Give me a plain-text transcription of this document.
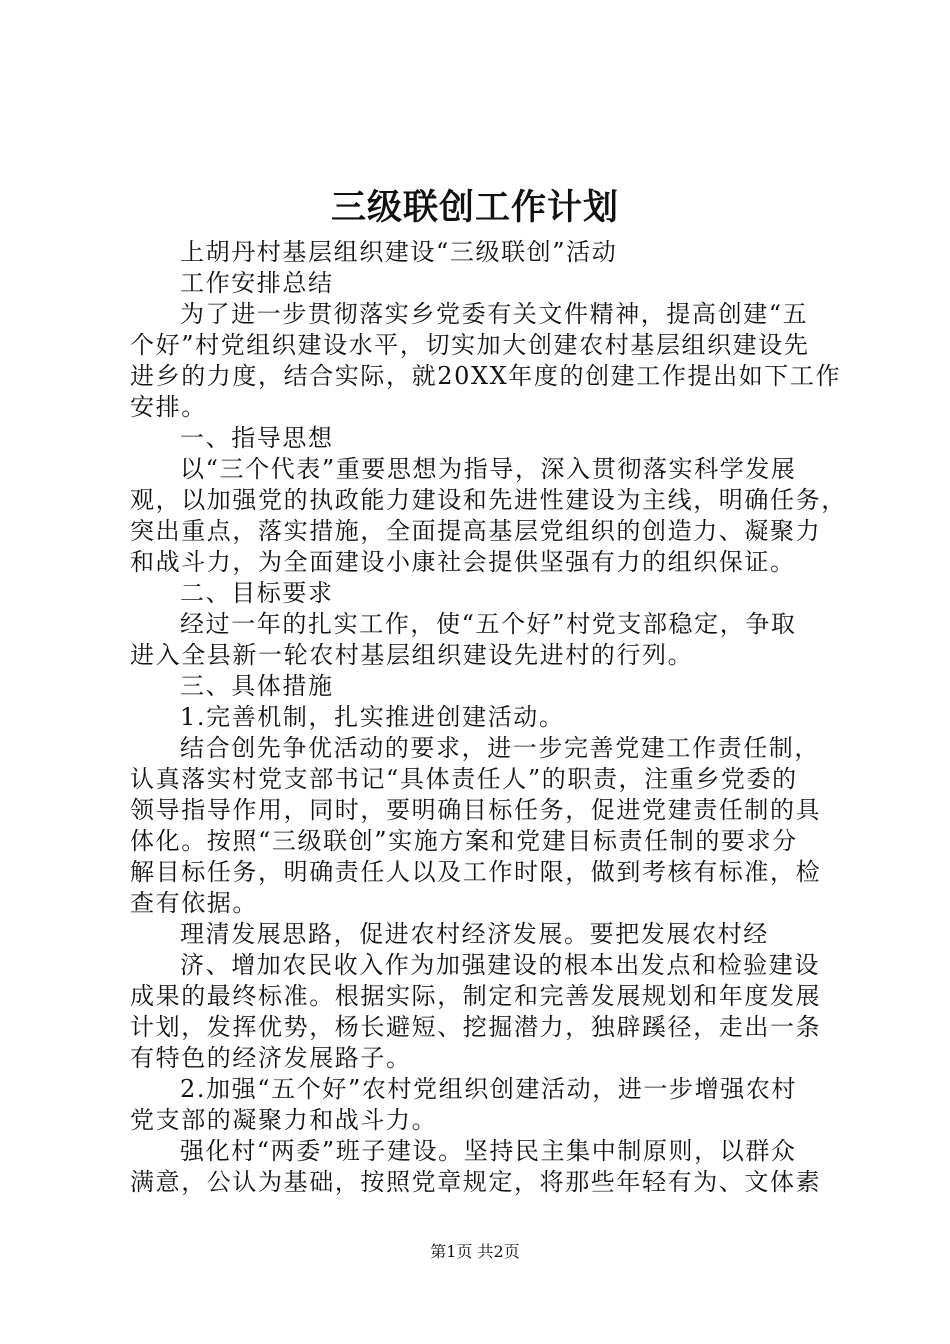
三级联创工作计划
上胡丹村基层组织建设“三级联创”活动
工作安排总结
为了进一步贯彻落实乡党委有关文件精神，提高创建“五
个好”村党组织建设水平，切实加大创建农村基层组织建设先
进乡的力度，结合实际，就20XX年度的创建工作提出如下工作
安排。
一、指导思想
以“三个代表”重要思想为指导，深入贯彻落实科学发展
观，以加强党的执政能力建设和先进性建设为主线，明确任务，
突出重点，落实措施，全面提高基层党组织的创造力、凝聚力
和战斗力，为全面建设小康社会提供坚强有力的组织保证。
二、目标要求
经过一年的扎实工作，使“五个好”村党支部稳定，争取
进入全县新一轮农村基层组织建设先进村的行列。
三、具体措施
1.完善机制，扎实推进创建活动。
结合创先争优活动的要求，进一步完善党建工作责任制，
认真落实村党支部书记“具体责任人”的职责，注重乡党委的
领导指导作用，同时，要明确目标任务，促进党建责任制的具
体化。按照“三级联创”实施方案和党建目标责任制的要求分
解目标任务，明确责任人以及工作时限，做到考核有标准，检
查有依据。
理清发展思路，促进农村经济发展。要把发展农村经
济、增加农民收入作为加强建设的根本出发点和检验建设
成果的最终标准。根据实际，制定和完善发展规划和年度发展
计划，发挥优势，杨长避短、挖掘潜力，独辟蹊径，走出一条
有特色的经济发展路子。
2.加强“五个好”农村党组织创建活动，进一步增强农村
党支部的凝聚力和战斗力。
强化村“两委”班子建设。坚持民主集中制原则，以群众
满意，公认为基础，按照党章规定，将那些年轻有为、文体素
第1页 共2页
